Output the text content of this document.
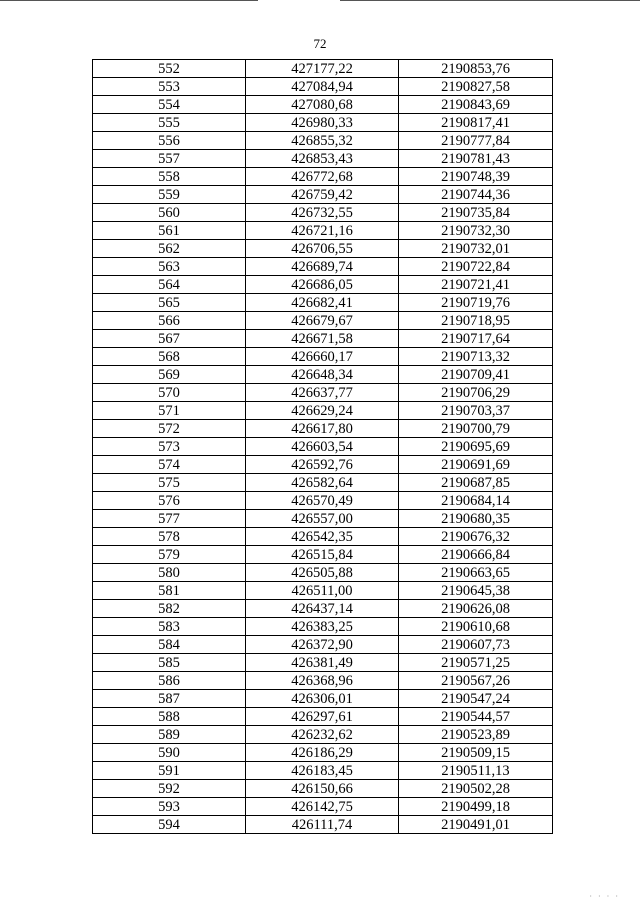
72
552	427177,22	2190853,76
553	427084,94	2190827,58
554	427080,68	2190843,69
555	426980,33	2190817,41
556	426855,32	2190777,84
557	426853,43	2190781,43
558	426772,68	2190748,39
559	426759,42	2190744,36
560	426732,55	2190735,84
561	426721,16	2190732,30
562	426706,55	2190732,01
563	426689,74	2190722,84
564	426686,05	2190721,41
565	426682,41	2190719,76
566	426679,67	2190718,95
567	426671,58	2190717,64
568	426660,17	2190713,32
569	426648,34	2190709,41
570	426637,77	2190706,29
571	426629,24	2190703,37
572	426617,80	2190700,79
573	426603,54	2190695,69
574	426592,76	2190691,69
575	426582,64	2190687,85
576	426570,49	2190684,14
577	426557,00	2190680,35
578	426542,35	2190676,32
579	426515,84	2190666,84
580	426505,88	2190663,65
581	426511,00	2190645,38
582	426437,14	2190626,08
583	426383,25	2190610,68
584	426372,90	2190607,73
585	426381,49	2190571,25
586	426368,96	2190567,26
587	426306,01	2190547,24
588	426297,61	2190544,57
589	426232,62	2190523,89
590	426186,29	2190509,15
591	426183,45	2190511,13
592	426150,66	2190502,28
593	426142,75	2190499,18
594	426111,74	2190491,01
· · · ·
